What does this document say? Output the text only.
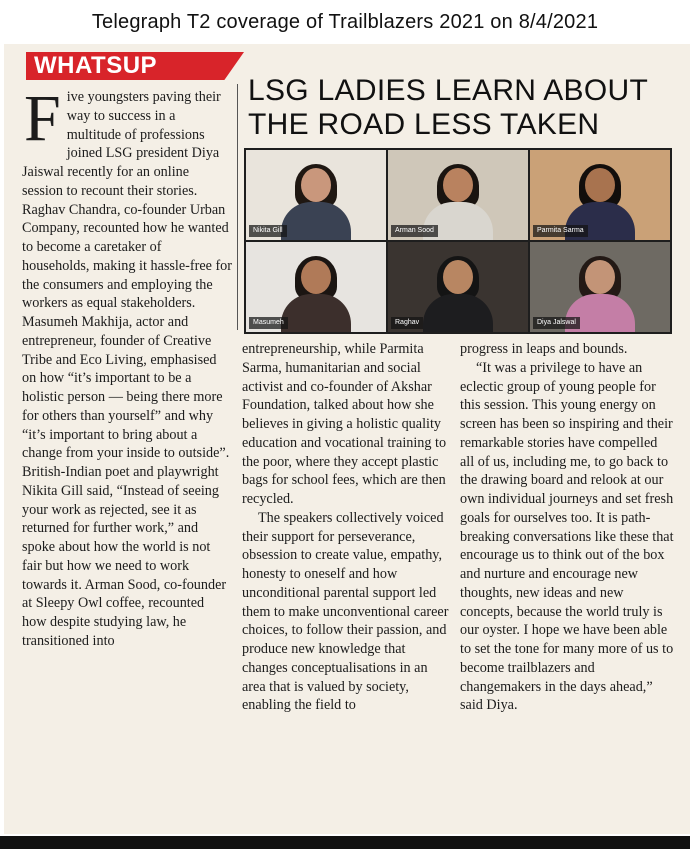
Telegraph T2 coverage of Trailblazers 2021 on 8/4/2021
WHATSUP
LSG LADIES LEARN ABOUT
THE ROAD LESS TAKEN
Nikita Gill	Arman Sood	Parmita Sarma
Masumeh	Raghav	Diya Jalswal
F ive youngsters paving their way to success in a multitude of professions joined LSG president Diya Jaiswal recently for an online session to recount their stories. Raghav Chandra, co-founder Urban Company, recounted how he wanted to become a caretaker of households, making it hassle-free for the consumers and employing the workers as equal stakeholders. Masumeh Makhija, actor and entrepreneur, founder of Creative Tribe and Eco Living, emphasised on how “it’s important to be a holistic person — being there more for others than yourself” and why “it’s important to bring about a change from your inside to outside”. British-Indian poet and playwright Nikita Gill said, “Instead of seeing your work as rejected, see it as returned for further work,” and spoke about how the world is not fair but how we need to work towards it. Arman Sood, co-founder at Sleepy Owl coffee, recounted how despite studying law, he transitioned into

entrepreneurship, while Parmita Sarma, humanitarian and social activist and co-founder of Akshar Foundation, talked about how she believes in giving a holistic quality education and vocational training to the poor, where they accept plastic bags for school fees, which are then recycled.

The speakers collectively voiced their support for perseverance, obsession to create value, empathy, honesty to oneself and how unconditional parental support led them to make unconventional career choices, to follow their passion, and produce new knowledge that changes conceptualisations in an area that is valued by society, enabling the field to

progress in leaps and bounds.

“It was a privilege to have an eclectic group of young people for this session. This young energy on screen has been so inspiring and their remarkable stories have compelled all of us, including me, to go back to the drawing board and relook at our own individual journeys and set fresh goals for ourselves too. It is path-breaking conversations like these that encourage us to think out of the box and nurture and encourage new thoughts, new ideas and new concepts, because the world truly is our oyster. I hope we have been able to set the tone for many more of us to become trailblazers and changemakers in the days ahead,” said Diya.
